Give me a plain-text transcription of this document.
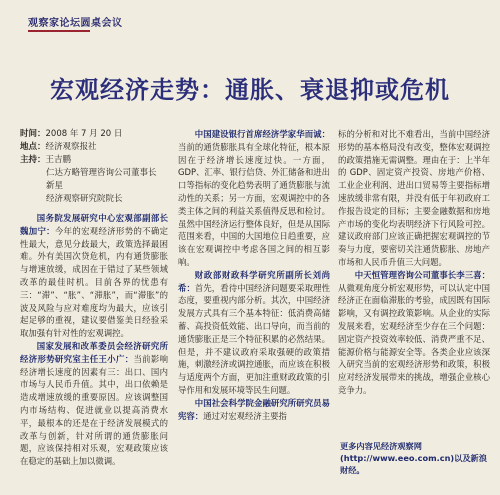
观察家论坛圆桌会议
宏观经济走势：通胀、衰退抑或危机
时间：2008 年 7 月 20 日
地点：经济观察报社
主持：王吉鹏
仁达方略管理咨询公司董事长
新星
经济观察研究院院长

国务院发展研究中心宏观部副部长魏加宁：今年的宏观经济形势的不确定性最大，意见分歧最大，政策选择最困难。外有美国次贷危机，内有通货膨胀与增速放缓，成因在于错过了某些领域改革的最佳时机。目前各界的忧患有三：“滞”、“胀”、“滞胀”，而“滞胀”的波及风险与应对难度均为最大，应该引起足够的重视，建议要借鉴美日经验采取加强有针对性的宏观调控。

国家发展和改革委员会经济研究所经济形势研究室主任王小广：当前影响经济增长速度的因素有三：出口、国内市场与人民币升值。其中，出口依赖是造成增速放缓的重要原因。应该调整国内市场结构、促进就业以提高消费水平，最根本的还是在于经济发展模式的改革与创新，针对所谓的通货膨胀问题，应该保持相对乐观，宏观政策应该在稳定的基础上加以微调。

中国建设银行首席经济学家华而诚：当前的通货膨胀具有全球化特征，根本原因在于经济增长速度过快。一方面，GDP、汇率、银行信贷、外汇储备和进出口等指标的变化趋势表明了通货膨胀与流动性的关系；另一方面，宏观调控中的各类主体之间的利益关系值得反思和检讨。虽然中国经济运行整体良好，但是从国际范围来看，中国的大国地位日趋重要，应该在宏观调控中考虑各国之间的相互影响。

财政部财政科学研究所副所长刘尚希：首先，看待中国经济问题要采取理性态度，要重视内部分析。其次，中国经济发展方式具有三个基本特征：低消费高储蓄、高投资低效能、出口导向，而当前的通货膨胀正是三个特征积累的必然结果。但是，并不建议政府采取强硬的政策措施，刺激经济或调控通胀，而应该在积极与适度两个方面，更加注重财政政策的引导作用和发展环境等民生问题。

中国社会科学院金融研究所研究员易宪容：通过对宏观经济主要指

标的分析和对比不难看出，当前中国经济形势的基本格局没有改变，整体宏观调控的政策措施无需调整。理由在于：上半年的 GDP、固定资产投资、房地产价格、工业企业利润、进出口贸易等主要指标增速放缓非常有限，并没有低于年初政府工作报告设定的目标；主要金融数据和房地产市场的变化均表明经济下行风险可控。建议政府部门应该正确把握宏观调控的节奏与力度，要密切关注通货膨胀、房地产市场和人民币升值三大问题。

中天恒管理咨询公司董事长李三喜：从微观角度分析宏观形势，可以认定中国经济正在面临滞胀的考验，成因既有国际影响，又有调控政策影响。从企业的实际发展来看，宏观经济至少存在三个问题：固定资产投资效率较低、消费严重不足、能源价格与能源安全等。各类企业应该深入研究当前的宏观经济形势和政策，积极应对经济发展带来的挑战，增强企业核心竞争力。

更多内容见经济观察网(http://www.eeo.com.cn)以及新浪财经。
